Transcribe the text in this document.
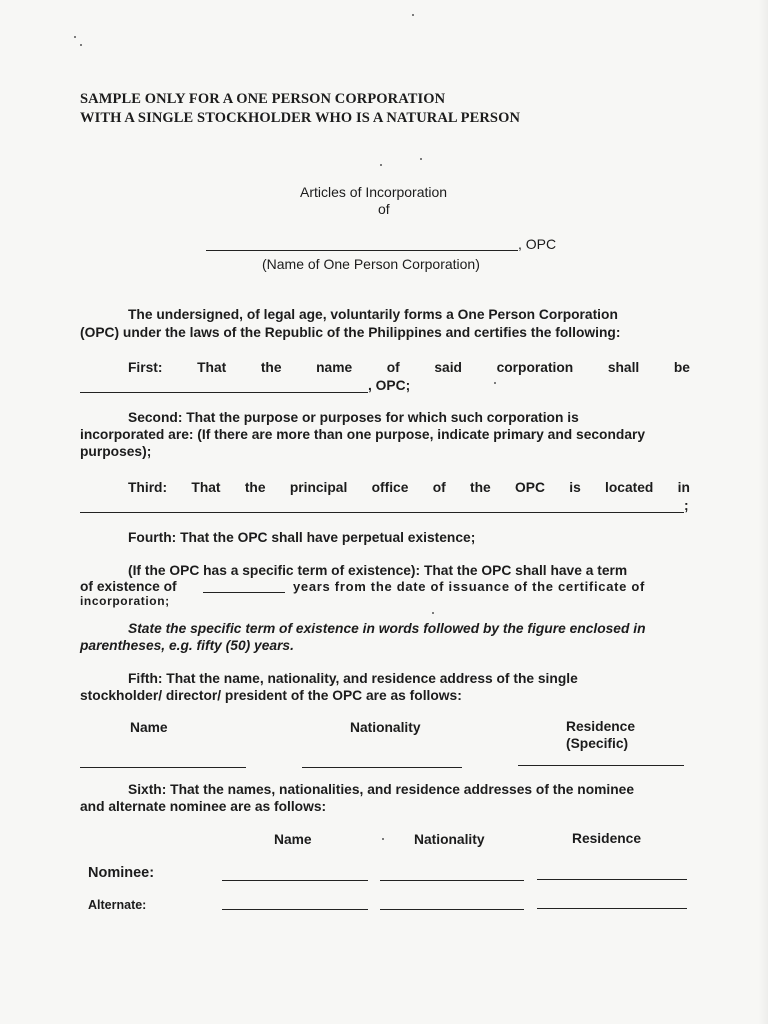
SAMPLE ONLY FOR A ONE PERSON CORPORATION
WITH A SINGLE STOCKHOLDER WHO IS A NATURAL PERSON
Articles of Incorporation
of
, OPC
(Name of One Person Corporation)
The undersigned, of legal age, voluntarily forms a One Person Corporation
(OPC) under the laws of the Republic of the Philippines and certifies the following:
First:	That	the	name	of	said	corporation	shall	be
, OPC;
Second: That the purpose or purposes for which such corporation is
incorporated are: (If there are more than one purpose, indicate primary and secondary
purposes);
Third: That the principal office of the OPC is located in
;
Fourth: That the OPC shall have perpetual existence;
(If the OPC has a specific term of existence): That the OPC shall have a term
of existence of	years from the date of issuance of the certificate of
incorporation;
State the specific term of existence in words followed by the figure enclosed in
parentheses, e.g. fifty (50) years.
Fifth: That the name, nationality, and residence address of the single
stockholder/ director/ president of the OPC are as follows:
Name	Nationality	Residence
(Specific)
Sixth: That the names, nationalities, and residence addresses of the nominee
and alternate nominee are as follows:
Name	Nationality	Residence
Nominee:
Alternate:
